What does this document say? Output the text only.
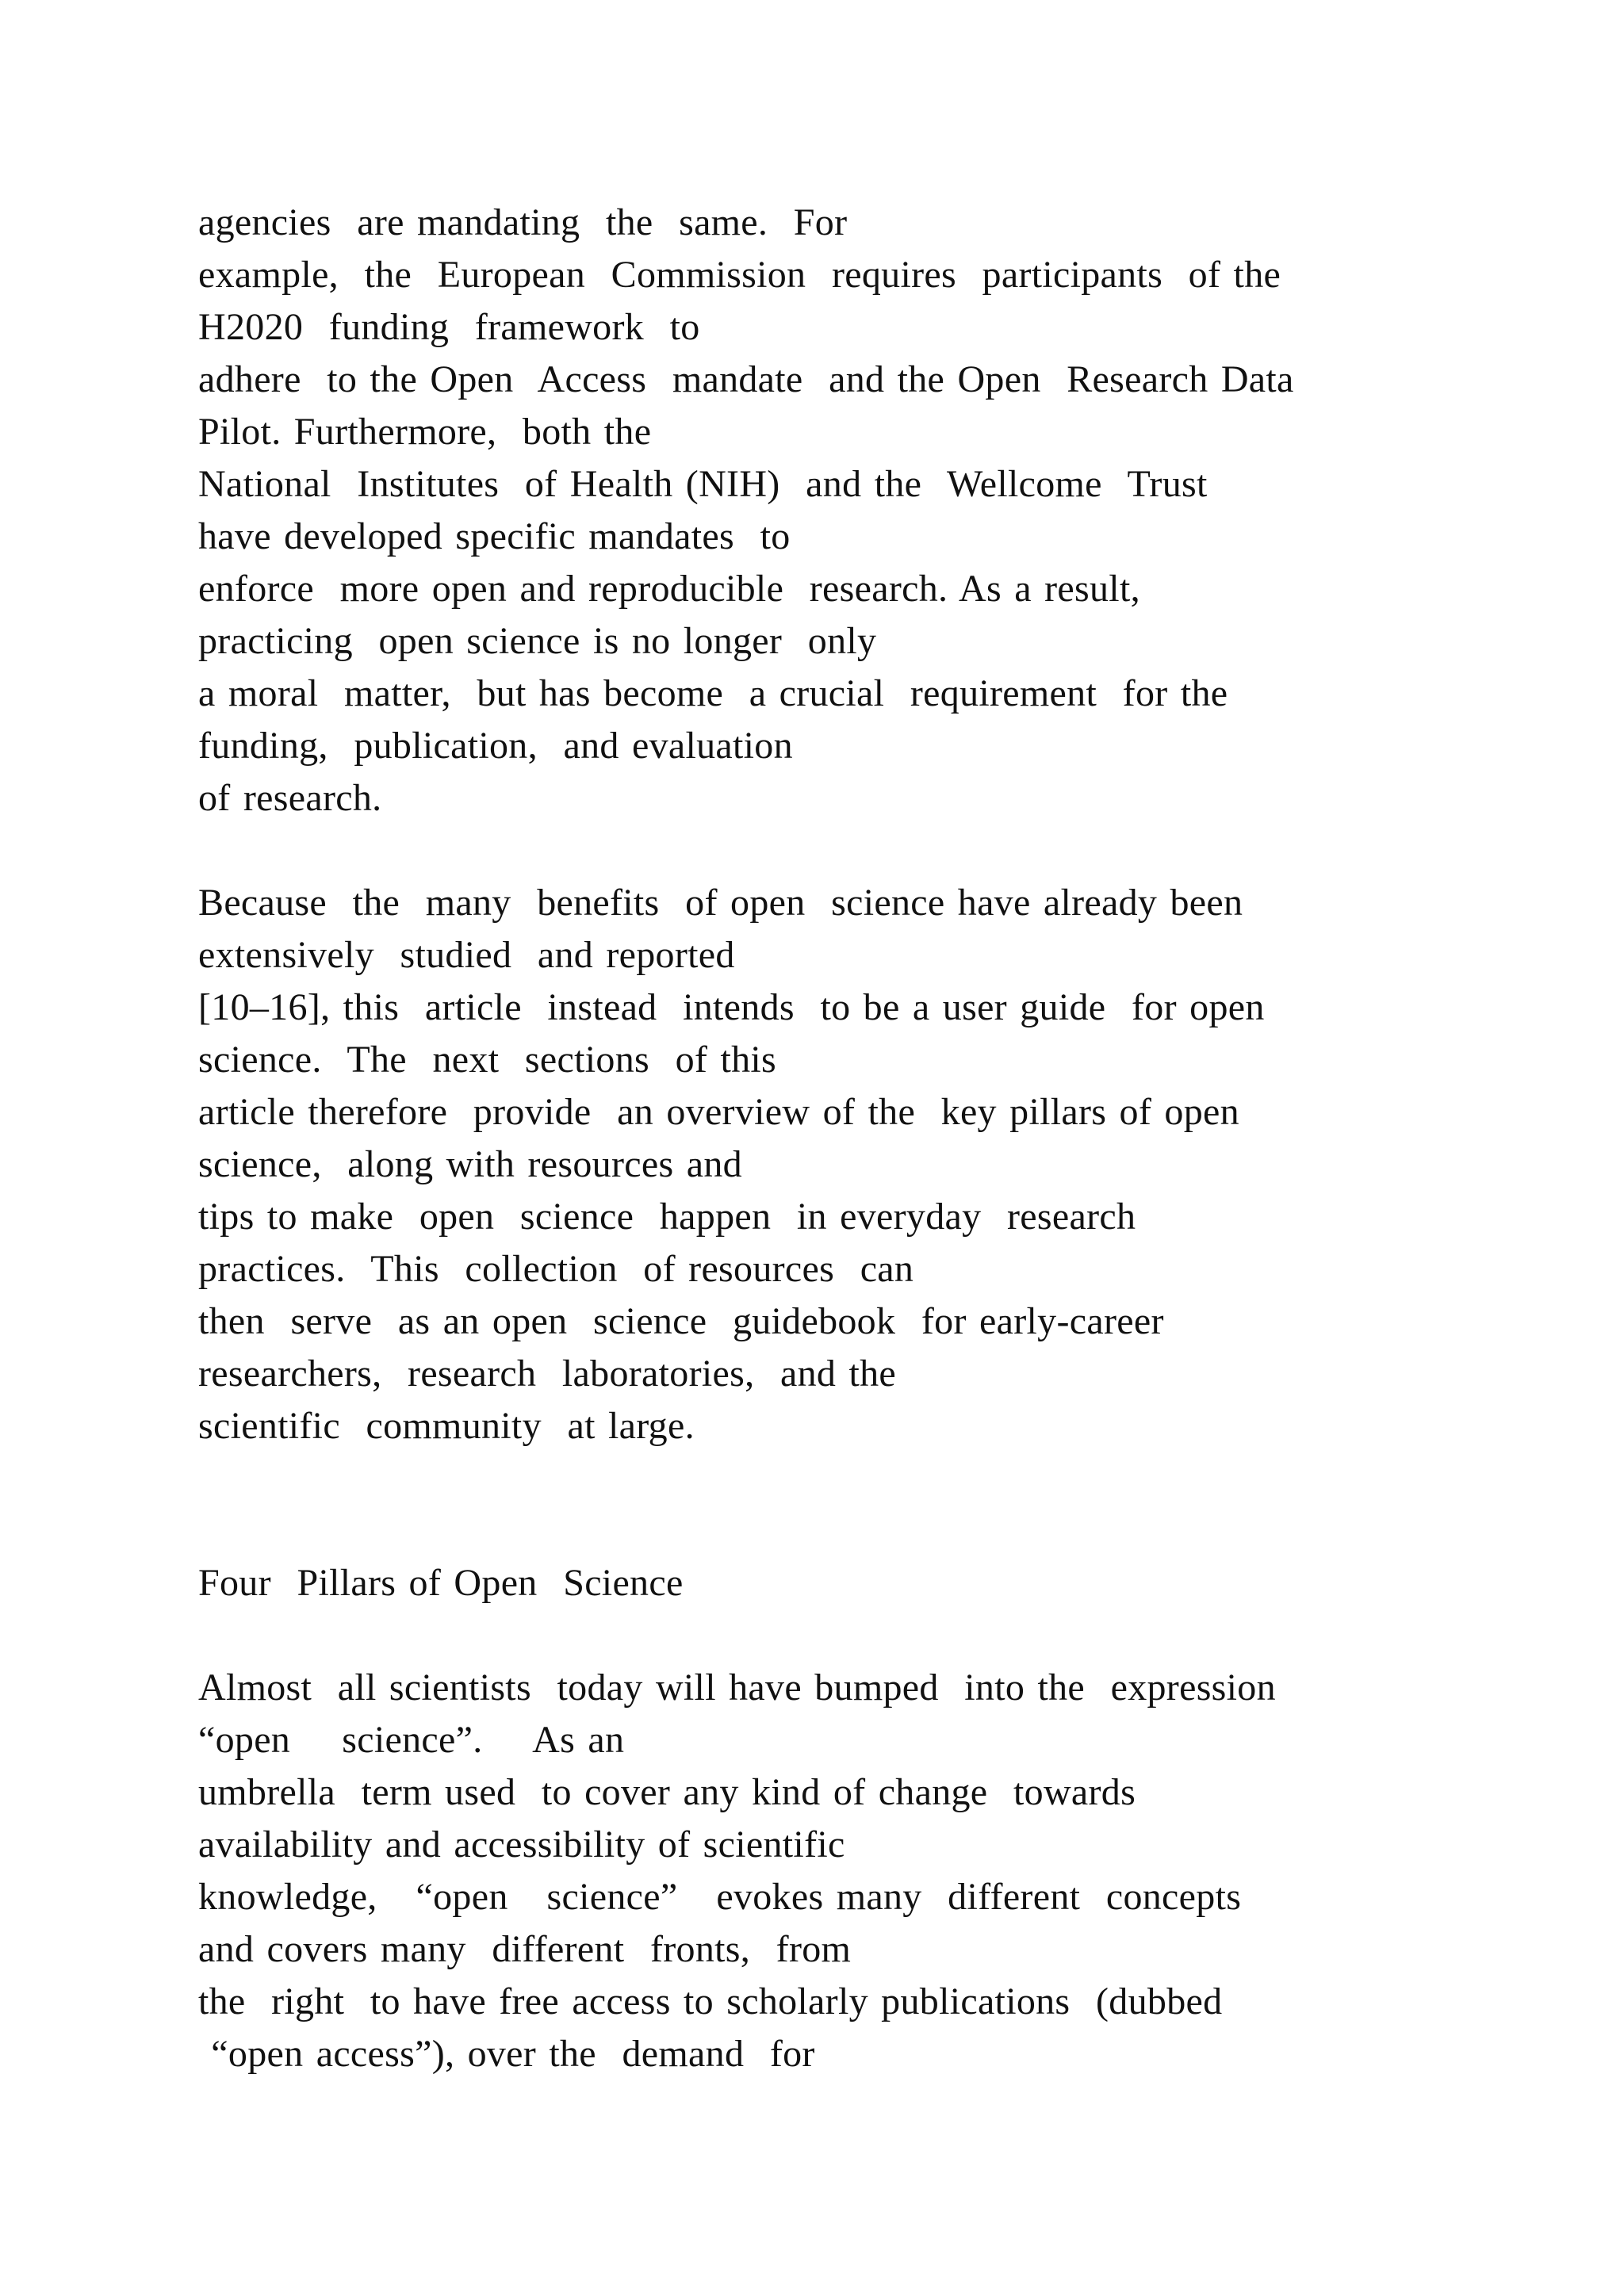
agencies  are mandating  the  same.  For
example,  the  European  Commission  requires  participants  of the
H2020  funding  framework  to
adhere  to the Open  Access  mandate  and the Open  Research Data
Pilot. Furthermore,  both the
National  Institutes  of Health (NIH)  and the  Wellcome  Trust
have developed specific mandates  to
enforce  more open and reproducible  research. As a result,
practicing  open science is no longer  only
a moral  matter,  but has become  a crucial  requirement  for the
funding,  publication,  and evaluation
of research.
Because  the  many  benefits  of open  science have already been
extensively  studied  and reported
[10–16], this  article  instead  intends  to be a user guide  for open
science.  The  next  sections  of this
article therefore  provide  an overview of the  key pillars of open
science,  along with resources and
tips to make  open  science  happen  in everyday  research
practices.  This  collection  of resources  can
then  serve  as an open  science  guidebook  for early-career
researchers,  research  laboratories,  and the
scientific  community  at large.
Four  Pillars of Open  Science
Almost  all scientists  today will have bumped  into the  expression
“open    science”.    As an
umbrella  term used  to cover any kind of change  towards
availability and accessibility of scientific
knowledge,   “open   science”   evokes many  different  concepts
and covers many  different  fronts,  from
the  right  to have free access to scholarly publications  (dubbed
“open access”), over the  demand  for
